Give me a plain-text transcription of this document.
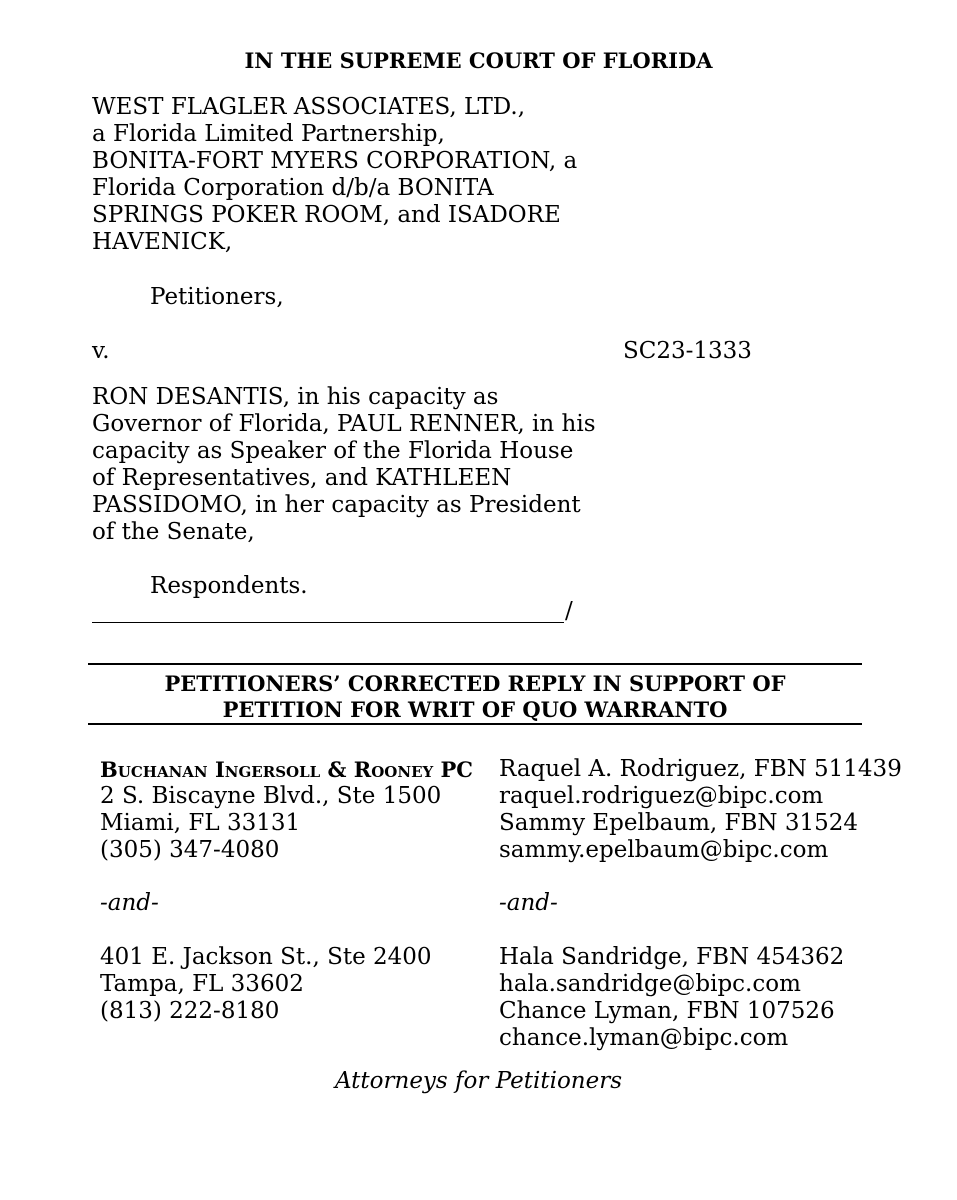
IN THE SUPREME COURT OF FLORIDA
WEST FLAGLER ASSOCIATES, LTD.,
a Florida Limited Partnership,
BONITA-FORT MYERS CORPORATION, a
Florida Corporation d/b/a BONITA
SPRINGS POKER ROOM, and ISADORE
HAVENICK,
Petitioners,
v.	SC23-1333
RON DESANTIS, in his capacity as
Governor of Florida, PAUL RENNER, in his
capacity as Speaker of the Florida House
of Representatives, and KATHLEEN
PASSIDOMO, in her capacity as President
of the Senate,
Respondents.
/
PETITIONERS’ CORRECTED REPLY IN SUPPORT OF
PETITION FOR WRIT OF QUO WARRANTO
Buchanan Ingersoll & Rooney PC
2 S. Biscayne Blvd., Ste 1500
Miami, FL 33131
(305) 347-4080
-and-
401 E. Jackson St., Ste 2400
Tampa, FL 33602
(813) 222-8180
Raquel A. Rodriguez, FBN 511439
raquel.rodriguez@bipc.com
Sammy Epelbaum, FBN 31524
sammy.epelbaum@bipc.com
-and-
Hala Sandridge, FBN 454362
hala.sandridge@bipc.com
Chance Lyman, FBN 107526
chance.lyman@bipc.com
Attorneys for Petitioners
